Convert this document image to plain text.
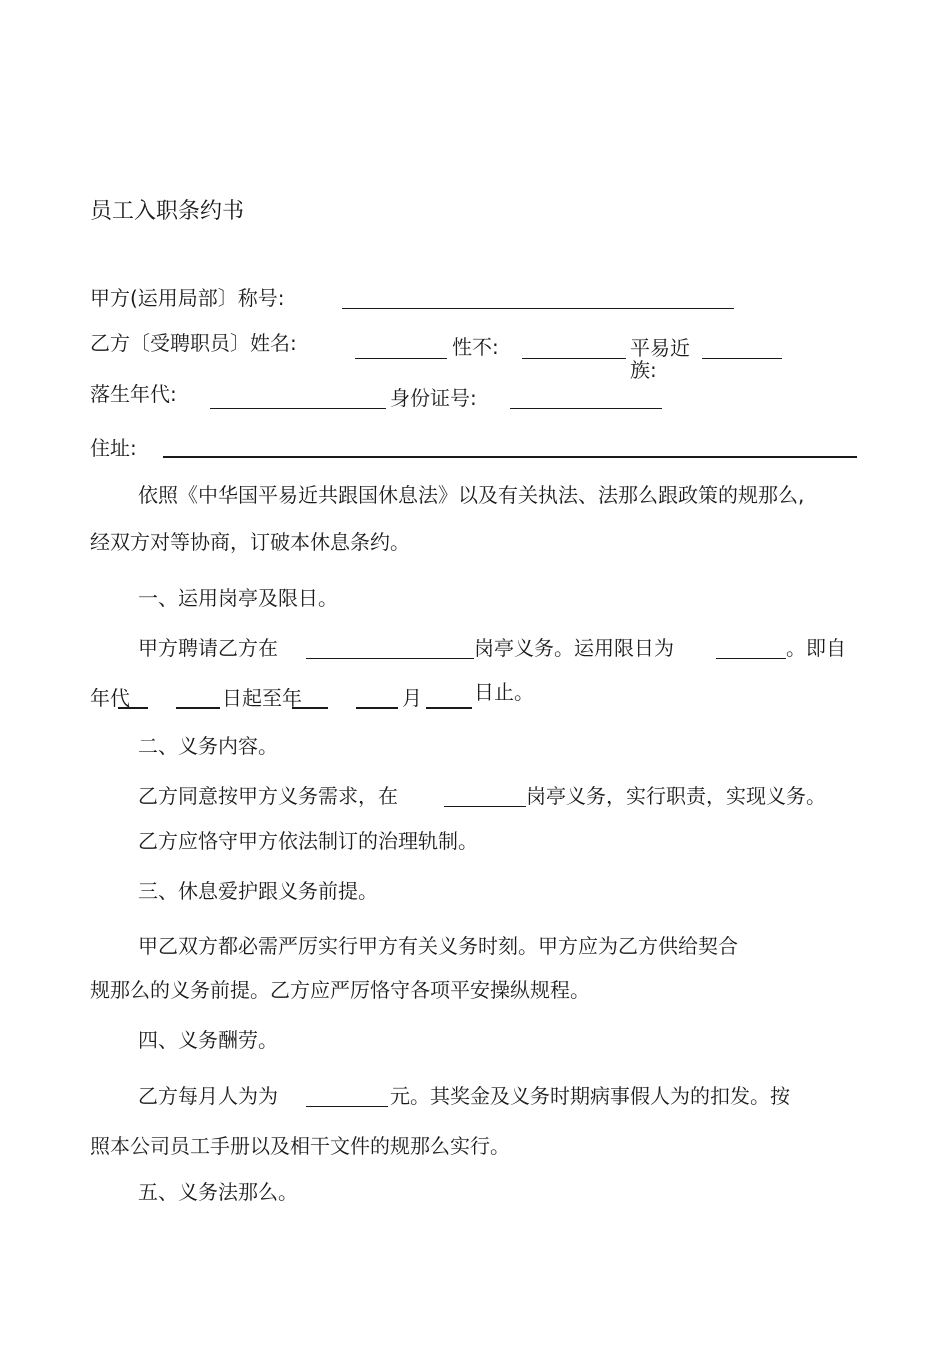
员工入职条约书
甲方(运用局部〕称号:
乙方〔受聘职员〕姓名:	性不:	平易近
族:
落生年代:	身份证号:
住址:
依照《中华国平易近共跟国休息法》以及有关执法、法那么跟政策的规那么,
经双方对等协商，订破本休息条约。
一、运用岗亭及限日。
甲方聘请乙方在	岗亭义务。运用限日为	。即自
年代	日起至年	月	日止。
二、义务内容。
乙方同意按甲方义务需求，在	岗亭义务，实行职责，实现义务。
乙方应恪守甲方依法制订的治理轨制。
三、休息爱护跟义务前提。
甲乙双方都必需严厉实行甲方有关义务时刻。甲方应为乙方供给契合
规那么的义务前提。乙方应严厉恪守各项平安操纵规程。
四、义务酬劳。
乙方每月人为为	元。其奖金及义务时期病事假人为的扣发。按
照本公司员工手册以及相干文件的规那么实行。
五、义务法那么。
